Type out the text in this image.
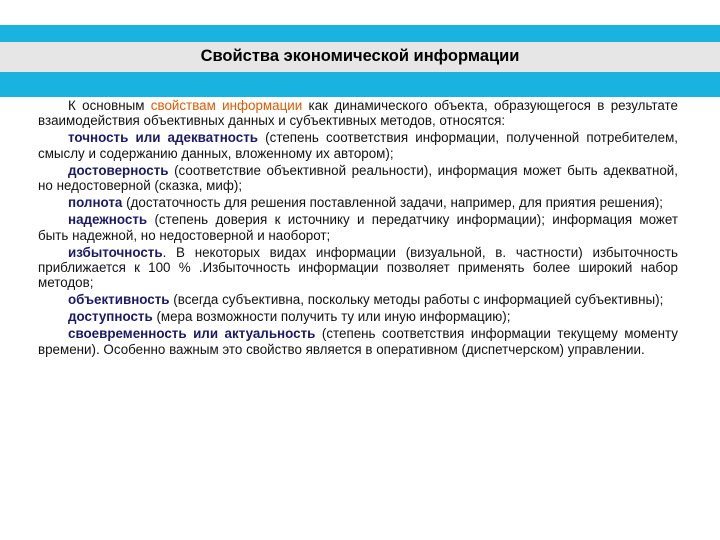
Свойства экономической информации

К основным свойствам информации как динамического объекта, образующегося в результате взаимодействия объективных данных и субъективных методов, относятся:

точность или адекватность (степень соответствия информации, полученной потребителем, смыслу и содержанию данных, вложенному их автором);

достоверность (соответствие объективной реальности), информация может быть адекватной, но недостоверной (сказка, миф);

полнота (достаточность для решения поставленной задачи, например, для приятия решения);

надежность (степень доверия к источнику и передатчику информации); информация может быть надежной, но недостоверной и наоборот;

избыточность. В некоторых видах информации (визуальной, в. частности) избыточность приближается к 100 % .Избыточность информации позволяет применять более широкий набор методов;

объективность (всегда субъективна, поскольку методы работы с информацией субъективны);

доступность (мера возможности получить ту или иную информацию);

своевременность или актуальность (степень соответствия информации текущему моменту времени). Особенно важным это свойство является в оперативном (диспетчерском) управлении.
